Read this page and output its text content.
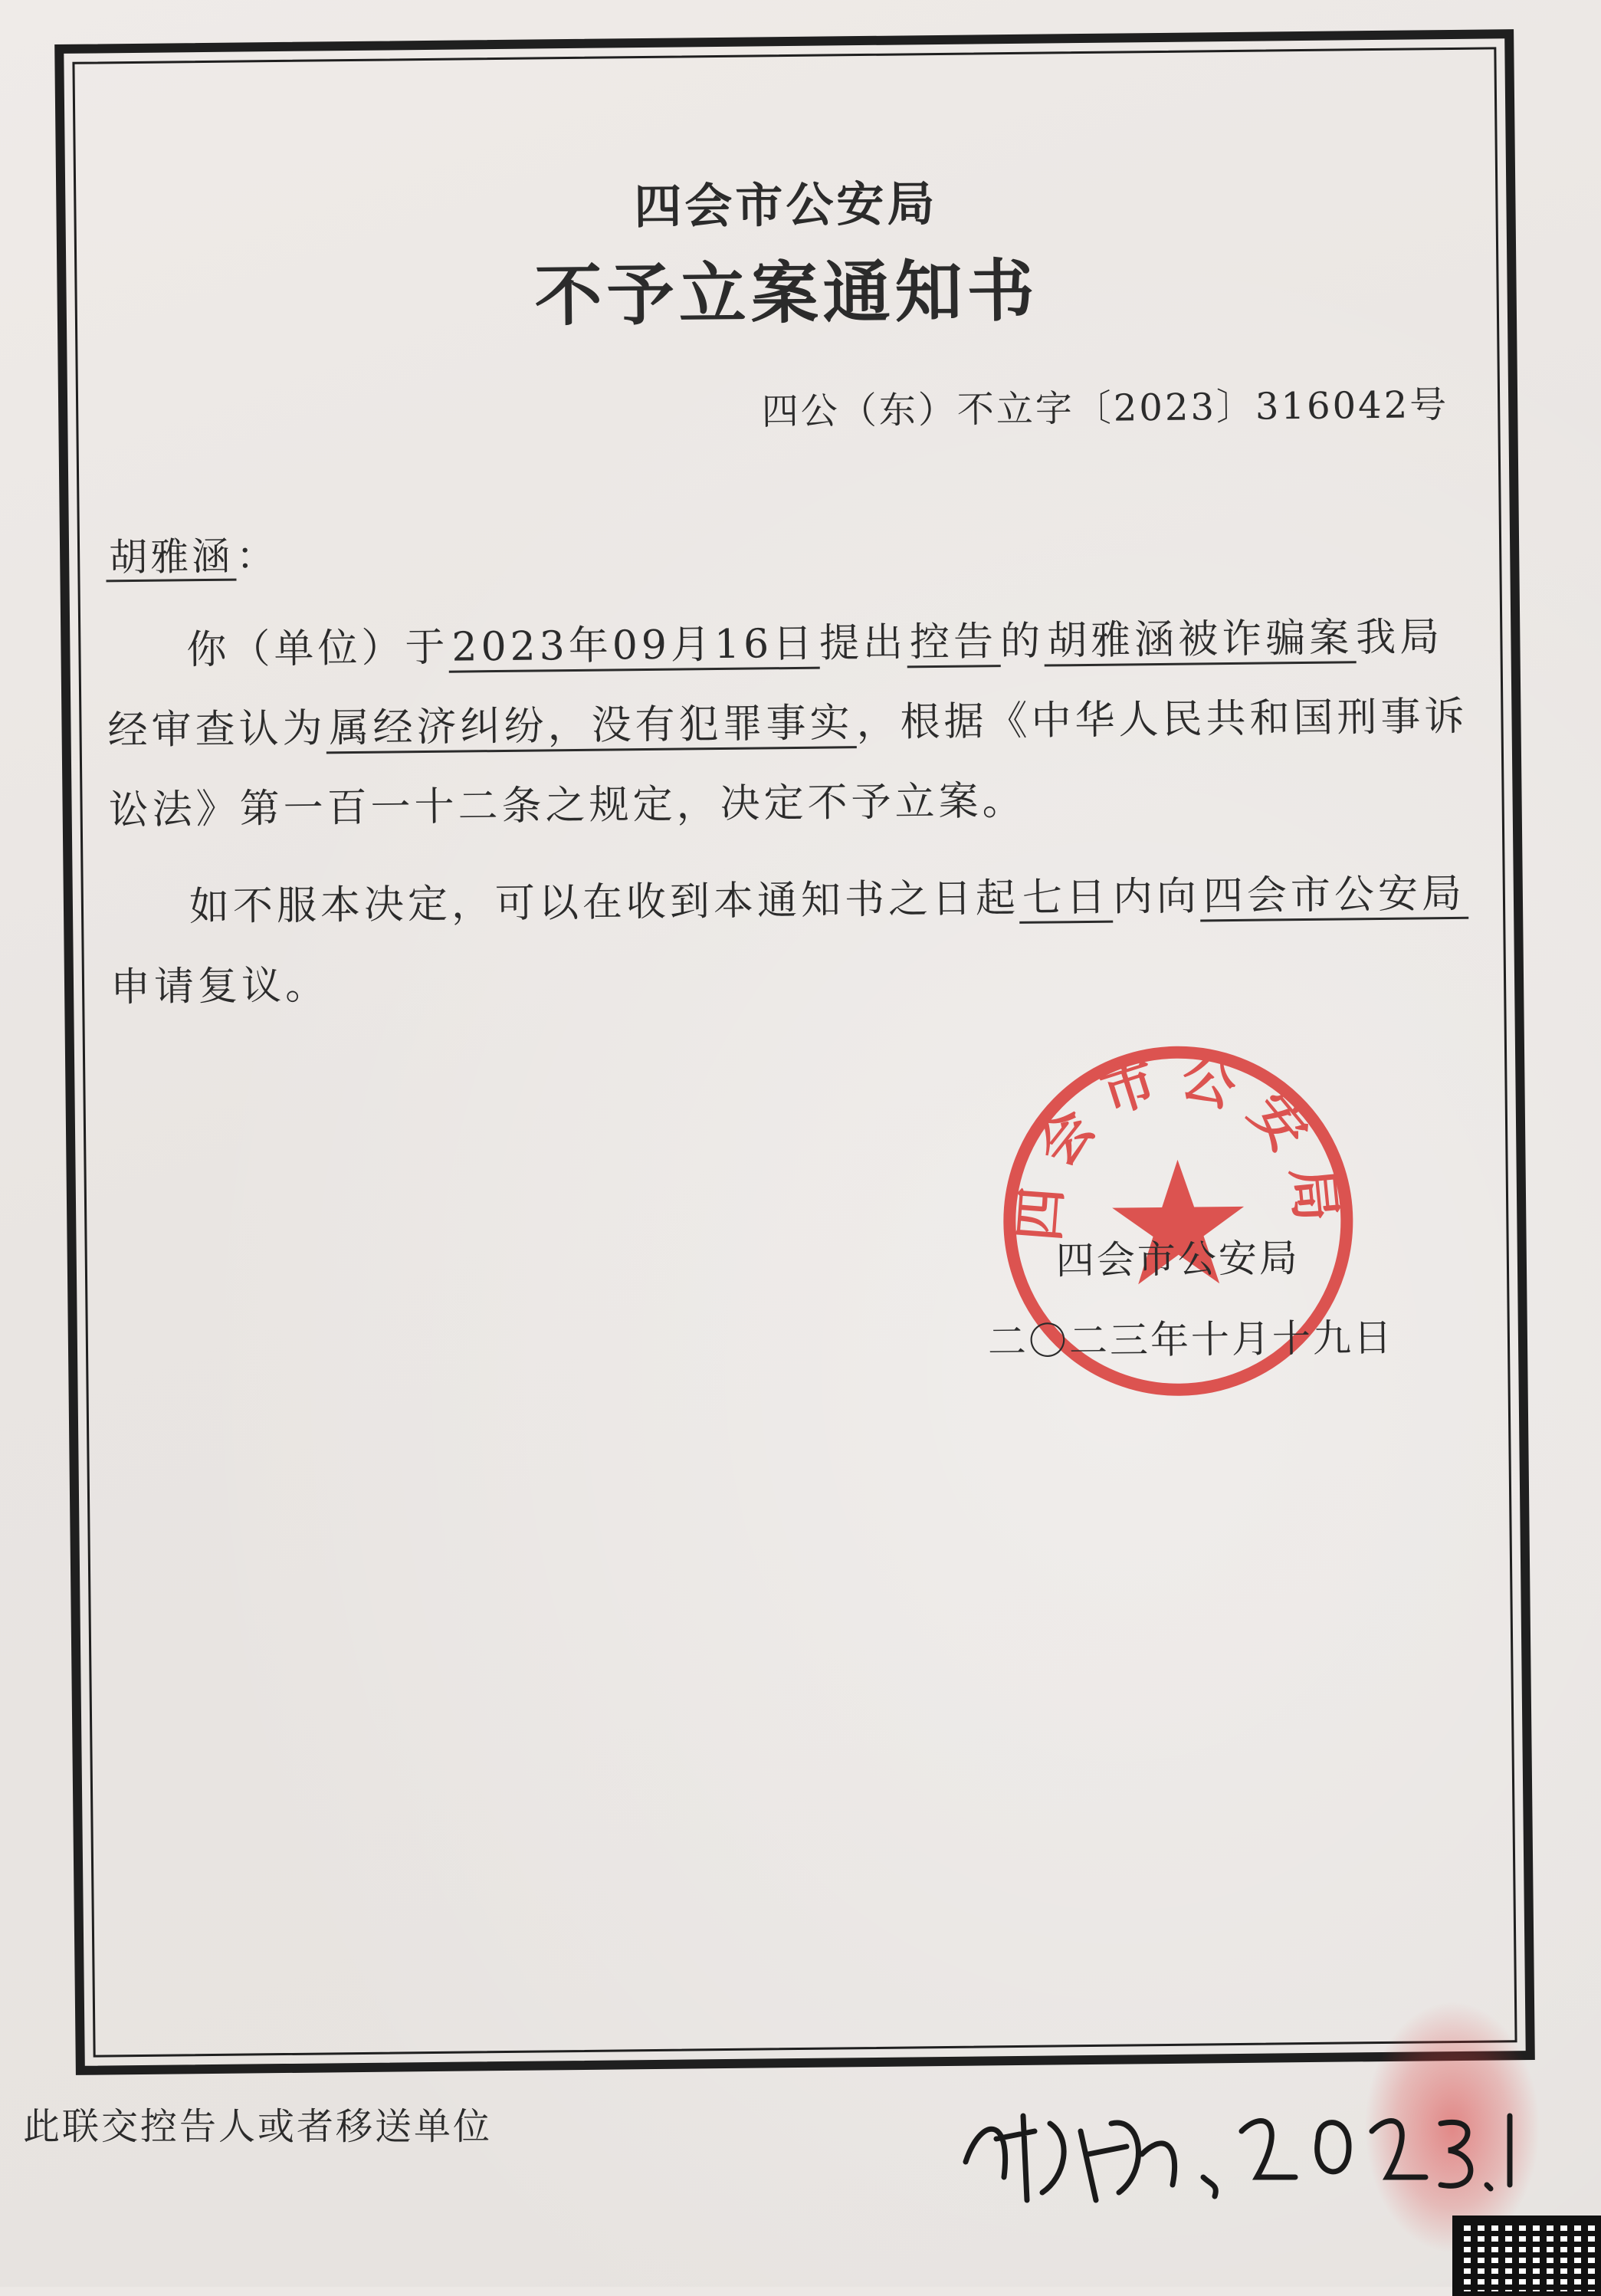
四会市公安局
不予立案通知书
四公（东）不立字〔2023〕316042号
胡雅涵：
你（单位）于2023年09月16日提出控告的胡雅涵被诈骗案我局经审查认为属经济纠纷，没有犯罪事实，根据《中华人民共和国刑事诉讼法》第一百一十二条之规定，决定不予立案。
如不服本决定，可以在收到本通知书之日起七日内向四会市公安局申请复议。
四会市公安局
四会市公安局
二〇二三年十月十九日
此联交控告人或者移送单位
